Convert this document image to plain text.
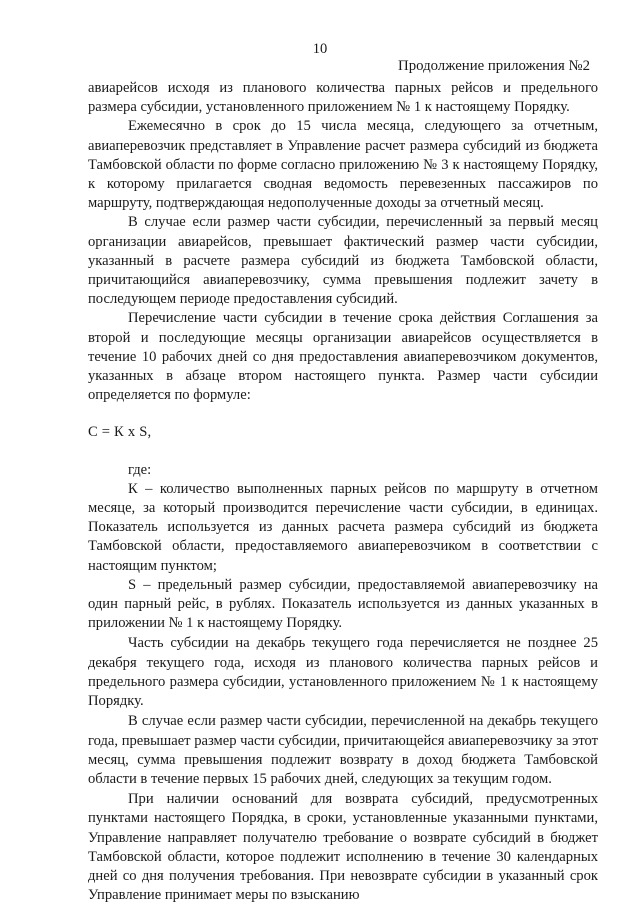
10
Продолжение приложения №2

авиарейсов исходя из планового количества парных рейсов и предельного размера субсидии, установленного приложением № 1 к настоящему Порядку.

Ежемесячно в срок до 15 числа месяца, следующего за отчетным, авиаперевозчик представляет в Управление расчет размера субсидий из бюджета Тамбовской области по форме согласно приложению № 3 к настоящему Порядку, к которому прилагается сводная ведомость перевезенных пассажиров по маршруту, подтверждающая недополученные доходы за отчетный месяц.

В случае если размер части субсидии, перечисленный за первый месяц организации авиарейсов, превышает фактический размер части субсидии, указанный в расчете размера субсидий из бюджета Тамбовской области, причитающийся авиаперевозчику, сумма превышения подлежит зачету в последующем периоде предоставления субсидий.

Перечисление части субсидии в течение срока действия Соглашения за второй и последующие месяцы организации авиарейсов осуществляется в течение 10 рабочих дней со дня предоставления авиаперевозчиком документов, указанных в абзаце втором настоящего пункта. Размер части субсидии определяется по формуле:

C = К х S,

где:

К – количество выполненных парных рейсов по маршруту в отчетном месяце, за который производится перечисление части субсидии, в единицах. Показатель используется из данных расчета размера субсидий из бюджета Тамбовской области, предоставляемого авиаперевозчиком в соответствии с настоящим пунктом;

S – предельный размер субсидии, предоставляемой авиаперевозчику на один парный рейс, в рублях. Показатель используется из данных указанных в приложении № 1 к настоящему Порядку.

Часть субсидии на декабрь текущего года перечисляется не позднее 25 декабря текущего года, исходя из планового количества парных рейсов и предельного размера субсидии, установленного приложением № 1 к настоящему Порядку.

В случае если размер части субсидии, перечисленной на декабрь текущего года, превышает размер части субсидии, причитающейся авиаперевозчику за этот месяц, сумма превышения подлежит возврату в доход бюджета Тамбовской области в течение первых 15 рабочих дней, следующих за текущим годом.

При наличии оснований для возврата субсидий, предусмотренных пунктами настоящего Порядка, в сроки, установленные указанными пунктами, Управление направляет получателю требование о возврате субсидий в бюджет Тамбовской области, которое подлежит исполнению в течение 30 календарных дней со дня получения требования. При невозврате субсидии в указанный срок Управление принимает меры по взысканию
